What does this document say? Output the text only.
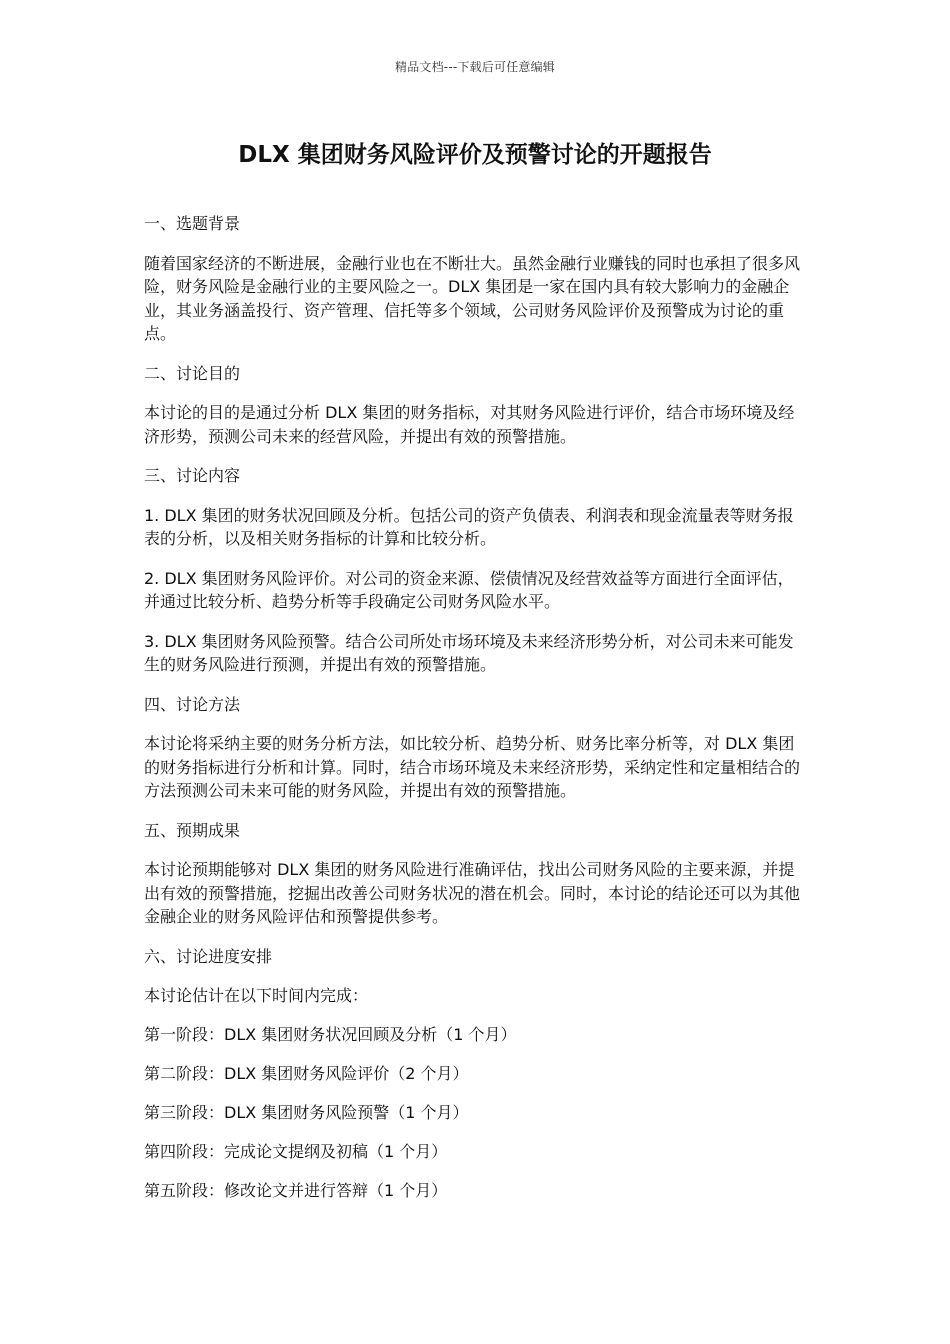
精品文档---下载后可任意编辑
DLX 集团财务风险评价及预警讨论的开题报告

一、选题背景

随着国家经济的不断进展，金融行业也在不断壮大。虽然金融行业赚钱的同时也承担了很多风险，财务风险是金融行业的主要风险之一。DLX 集团是一家在国内具有较大影响力的金融企业，其业务涵盖投行、资产管理、信托等多个领域，公司财务风险评价及预警成为讨论的重点。

二、讨论目的

本讨论的目的是通过分析 DLX 集团的财务指标，对其财务风险进行评价，结合市场环境及经济形势，预测公司未来的经营风险，并提出有效的预警措施。

三、讨论内容

1. DLX 集团的财务状况回顾及分析。包括公司的资产负债表、利润表和现金流量表等财务报表的分析，以及相关财务指标的计算和比较分析。

2. DLX 集团财务风险评价。对公司的资金来源、偿债情况及经营效益等方面进行全面评估，并通过比较分析、趋势分析等手段确定公司财务风险水平。

3. DLX 集团财务风险预警。结合公司所处市场环境及未来经济形势分析，对公司未来可能发生的财务风险进行预测，并提出有效的预警措施。

四、讨论方法

本讨论将采纳主要的财务分析方法，如比较分析、趋势分析、财务比率分析等，对 DLX 集团的财务指标进行分析和计算。同时，结合市场环境及未来经济形势，采纳定性和定量相结合的方法预测公司未来可能的财务风险，并提出有效的预警措施。

五、预期成果

本讨论预期能够对 DLX 集团的财务风险进行准确评估，找出公司财务风险的主要来源，并提出有效的预警措施，挖掘出改善公司财务状况的潜在机会。同时，本讨论的结论还可以为其他金融企业的财务风险评估和预警提供参考。

六、讨论进度安排

本讨论估计在以下时间内完成：

第一阶段：DLX 集团财务状况回顾及分析（1 个月）

第二阶段：DLX 集团财务风险评价（2 个月）

第三阶段：DLX 集团财务风险预警（1 个月）

第四阶段：完成论文提纲及初稿（1 个月）

第五阶段：修改论文并进行答辩（1 个月）
